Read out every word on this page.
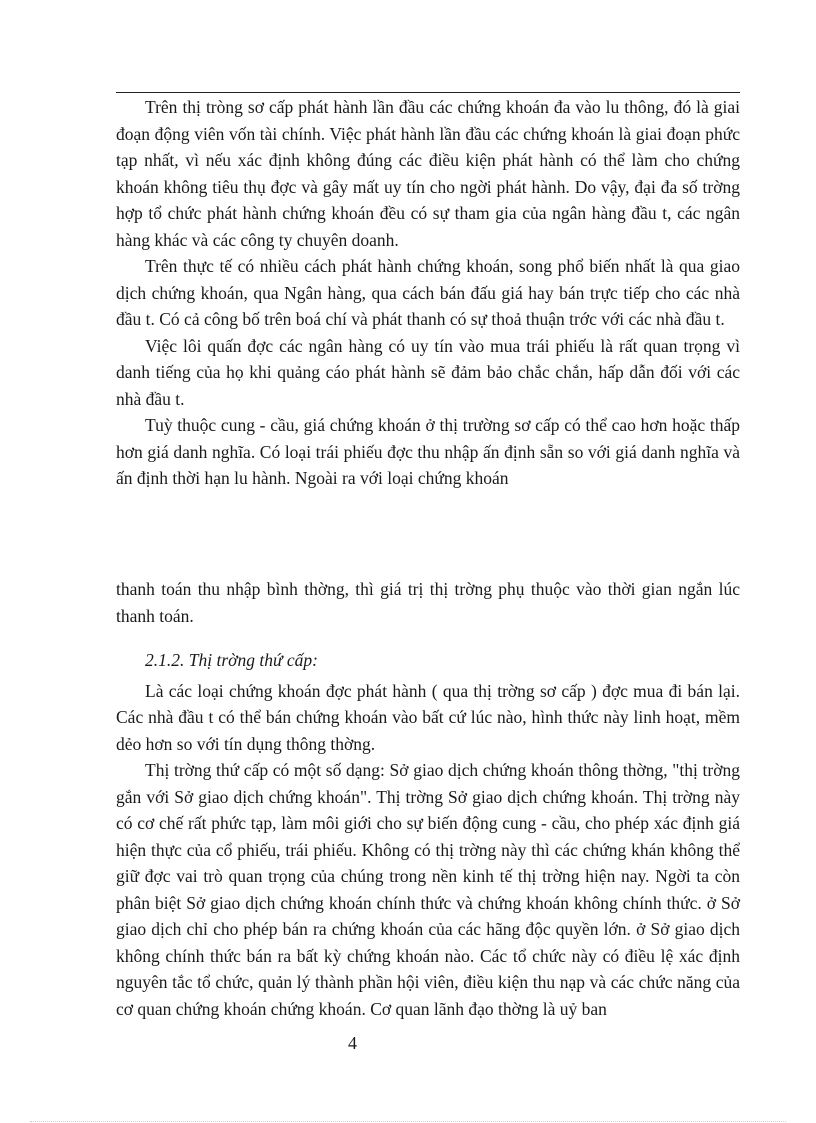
Trên thị tròng sơ cấp phát hành lần đầu các chứng khoán đa vào lu thông, đó là giai đoạn động viên vốn tài chính. Việc phát hành lần đầu các chứng khoán là giai đoạn phức tạp nhất, vì nếu xác định không đúng các điều kiện phát hành có thể làm cho chứng khoán không tiêu thụ đợc và gây mất uy tín cho ngời phát hành. Do vậy, đại đa số trờng hợp tổ chức phát hành chứng khoán đều có sự tham gia của ngân hàng đầu t, các ngân hàng khác và các công ty chuyên doanh.

Trên thực tế có nhiều cách phát hành chứng khoán, song phổ biến nhất là qua giao dịch chứng khoán, qua Ngân hàng, qua cách bán đấu giá hay bán trực tiếp cho các nhà đầu t. Có cả công bố trên boá chí và phát thanh có sự thoả thuận trớc với các nhà đầu t.

Việc lôi quấn đợc các ngân hàng có uy tín vào mua trái phiếu là rất quan trọng vì danh tiếng của họ khi quảng cáo phát hành sẽ đảm bảo chắc chắn, hấp dẫn đối với các nhà đầu t.

Tuỳ thuộc cung - cầu, giá chứng khoán ở thị trường sơ cấp có thể cao hơn hoặc thấp hơn giá danh nghĩa. Có loại trái phiếu đợc thu nhập ấn định sẵn so với giá danh nghĩa và ấn định thời hạn lu hành. Ngoài ra với loại chứng khoán

thanh toán thu nhập bình thờng, thì giá trị thị trờng phụ thuộc vào thời gian ngắn lúc thanh toán.

2.1.2. Thị trờng thứ cấp:

Là các loại chứng khoán đợc phát hành ( qua thị trờng sơ cấp ) đợc mua đi bán lại. Các nhà đầu t có thể bán chứng khoán vào bất cứ lúc nào, hình thức này linh hoạt, mềm dẻo hơn so với tín dụng thông thờng.

Thị trờng thứ cấp có một số dạng: Sở giao dịch chứng khoán thông thờng, "thị trờng gắn với Sở giao dịch chứng khoán". Thị trờng Sở giao dịch chứng khoán. Thị trờng này có cơ chế rất phức tạp, làm môi giới cho sự biến động cung - cầu, cho phép xác định giá hiện thực của cổ phiếu, trái phiếu. Không có thị trờng này thì các chứng khán không thể giữ đợc vai trò quan trọng của chúng trong nền kinh tế thị trờng hiện nay. Ngời ta còn phân biệt Sở giao dịch chứng khoán chính thức và chứng khoán không chính thức. ở Sở giao dịch chỉ cho phép bán ra chứng khoán của các hãng độc quyền lớn. ở Sở giao dịch không chính thức bán ra bất kỳ chứng khoán nào. Các tổ chức này có điều lệ xác định nguyên tắc tổ chức, quản lý thành phần hội viên, điều kiện thu nạp và các chức năng của cơ quan chứng khoán chứng khoán. Cơ quan lãnh đạo thờng là uỷ ban

4
